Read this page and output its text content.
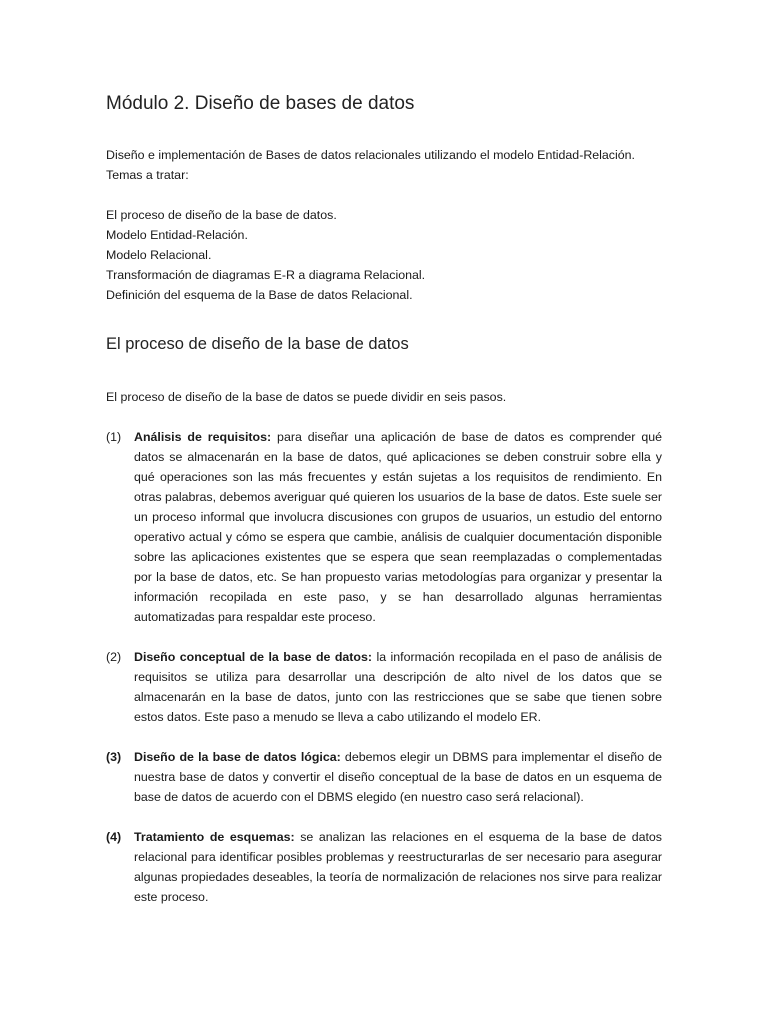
Módulo 2. Diseño de bases de datos
Diseño e implementación de Bases de datos relacionales utilizando el modelo Entidad-Relación.
Temas a tratar:
El proceso de diseño de la base de datos.
Modelo Entidad-Relación.
Modelo Relacional.
Transformación de diagramas E-R a diagrama Relacional.
Definición del esquema de la Base de datos Relacional.
El proceso de diseño de la base de datos
El proceso de diseño de la base de datos se puede dividir en seis pasos.
(1)	Análisis de requisitos: para diseñar una aplicación de base de datos es comprender qué datos se almacenarán en la base de datos, qué aplicaciones se deben construir sobre ella y qué operaciones son las más frecuentes y están sujetas a los requisitos de rendimiento. En otras palabras, debemos averiguar qué quieren los usuarios de la base de datos. Este suele ser un proceso informal que involucra discusiones con grupos de usuarios, un estudio del entorno operativo actual y cómo se espera que cambie, análisis de cualquier documentación disponible sobre las aplicaciones existentes que se espera que sean reemplazadas o complementadas por la base de datos, etc. Se han propuesto varias metodologías para organizar y presentar la información recopilada en este paso, y se han desarrollado algunas herramientas automatizadas para respaldar este proceso.
(2)	Diseño conceptual de la base de datos: la información recopilada en el paso de análisis de requisitos se utiliza para desarrollar una descripción de alto nivel de los datos que se almacenarán en la base de datos, junto con las restricciones que se sabe que tienen sobre estos datos. Este paso a menudo se lleva a cabo utilizando el modelo ER.
(3)	Diseño de la base de datos lógica: debemos elegir un DBMS para implementar el diseño de nuestra base de datos y convertir el diseño conceptual de la base de datos en un esquema de base de datos de acuerdo con el DBMS elegido (en nuestro caso será relacional).
(4)	Tratamiento de esquemas: se analizan las relaciones en el esquema de la base de datos relacional para identificar posibles problemas y reestructurarlas de ser necesario para asegurar algunas propiedades deseables, la teoría de normalización de relaciones nos sirve para realizar este proceso.
